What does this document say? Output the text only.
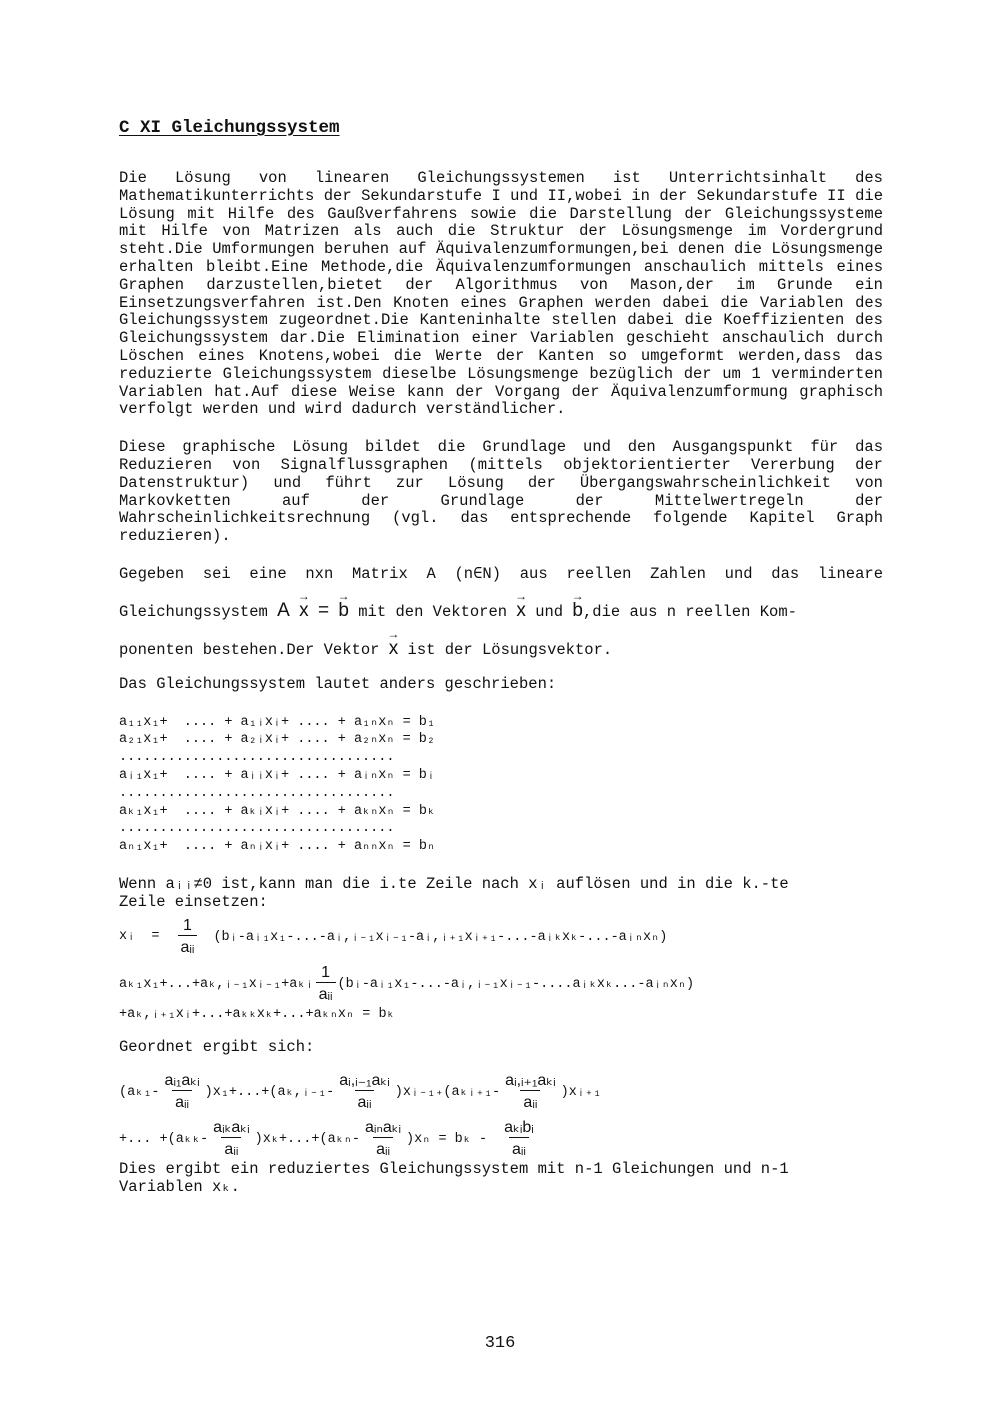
C XI Gleichungssystem

Die Lösung von linearen Gleichungssystemen ist Unterrichtsinhalt des Mathematikunterrichts der Sekundarstufe I und II,wobei in der Sekundarstufe II die Lösung mit Hilfe des Gaußverfahrens sowie die Darstellung der Gleichungssysteme mit Hilfe von Matrizen als auch die Struktur der Lösungsmenge im Vordergrund steht.Die Umformungen beruhen auf Äquivalenzumformungen,bei denen die Lösungsmenge erhalten bleibt.Eine Methode,die Äquivalenzumformungen anschaulich mittels eines Graphen darzustellen,bietet der Algorithmus von Mason,der im Grunde ein Einsetzungsverfahren ist.Den Knoten eines Graphen werden dabei die Variablen des Gleichungssystem zugeordnet.Die Kanteninhalte stellen dabei die Koeffizienten des Gleichungssystem dar.Die Elimination einer Variablen geschieht anschaulich durch Löschen eines Knotens,wobei die Werte der Kanten so umgeformt werden,dass das reduzierte Gleichungssystem dieselbe Lösungsmenge bezüglich der um 1 verminderten Variablen hat.Auf diese Weise kann der Vorgang der Äquivalenzumformung graphisch verfolgt werden und wird dadurch verständlicher.

Diese graphische Lösung bildet die Grundlage und den Ausgangspunkt für das Reduzieren von Signalflussgraphen (mittels objektorientierter Vererbung der Datenstruktur) und führt zur Lösung der Übergangswahrscheinlichkeit von Markovketten auf der Grundlage der Mittelwertregeln der Wahrscheinlichkeitsrechnung (vgl. das entsprechende folgende Kapitel Graph reduzieren).

Gegeben sei eine nxn Matrix A (n∈N) aus reellen Zahlen und das lineare
Gleichungssystem A → x = → b mit den Vektoren → x und → b,die aus n reellen Kom-
ponenten bestehen.Der Vektor → x ist der Lösungsvektor.
Das Gleichungssystem lautet anders geschrieben:
a₁₁x₁+  .... + a₁ᵢxᵢ+ .... + a₁ₙxₙ = b₁
a₂₁x₁+  .... + a₂ᵢxᵢ+ .... + a₂ₙxₙ = b₂
..................................
aᵢ₁x₁+  .... + aᵢᵢxᵢ+ .... + aᵢₙxₙ = bᵢ
..................................
aₖ₁x₁+  .... + aₖᵢxᵢ+ .... + aₖₙxₙ = bₖ
..................................
aₙ₁x₁+  .... + aₙᵢxᵢ+ .... + aₙₙxₙ = bₙ
Wenn aᵢᵢ≠0 ist,kann man die i.te Zeile nach xᵢ auflösen und in die k.-te
Zeile einsetzen:
xᵢ  = $\frac{1}{\text{aᵢᵢ}}$ (bᵢ-aᵢ₁x₁-...-aᵢ,ᵢ₋₁xᵢ₋₁-aᵢ,ᵢ₊₁xᵢ₊₁-...-aᵢₖxₖ-...-aᵢₙxₙ)
aₖ₁x₁+...+aₖ,ᵢ₋₁xᵢ₋₁+aₖᵢ $\frac{1}{\text{aᵢᵢ}}$ (bᵢ-aᵢ₁x₁-...-aᵢ,ᵢ₋₁xᵢ₋₁-....aᵢₖxₖ...-aᵢₙxₙ)
+aₖ,ᵢ₊₁xᵢ+...+aₖₖxₖ+...+aₖₙxₙ = bₖ
Geordnet ergibt sich:
($a_{k1}- \frac{\text{aᵢ₁aₖᵢ}}{\text{aᵢᵢ}}$ )x₁+...+(aₖ,ᵢ₋₁- $\frac{\text{aᵢ,ᵢ₋₁aₖᵢ}}{\text{aᵢᵢ}}$ )xᵢ₋₁₊(aₖᵢ₊₁- $\frac{\text{aᵢ,ᵢ₊₁aₖᵢ}}{\text{aᵢᵢ}}$ )xᵢ₊₁
+... $+(a_{kk}- \frac{\text{aᵢₖaₖᵢ}}{\text{aᵢᵢ}} )x_k+...+(a_{kn}- \frac{\text{aᵢₙaₖᵢ}}{\text{aᵢᵢ}} )x_n = b_k - \frac{\text{aₖᵢbᵢ}}{\text{aᵢᵢ}}$
Dies ergibt ein reduziertes Gleichungssystem mit n-1 Gleichungen und n-1
Variablen xₖ.
316
